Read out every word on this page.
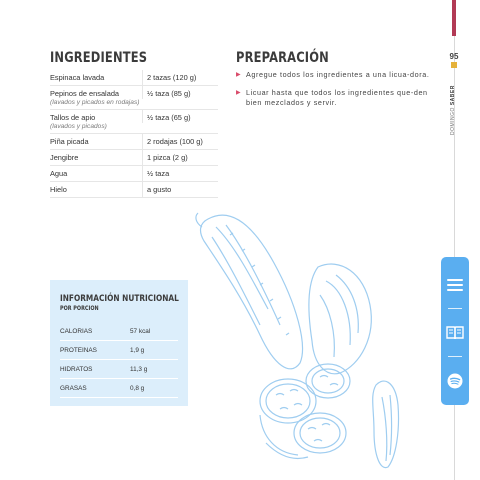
95
DOMINGO SABER
INGREDIENTES
Espinaca lavada	2 tazas (120 g)
Pepinos de ensalada	½ taza (85 g)
(lavados y picados en rodajas)	
Tallos de apio	½ taza (65 g)
(lavados y picados)	
Piña picada	2 rodajas (100 g)
Jengibre	1 pizca (2 g)
Agua	½ taza
Hielo	a gusto
PREPARACIÓN
▶ Agregue todos los ingredientes a una licua-dora.
▶ Licuar hasta que todos los ingredientes que-den bien mezclados y servir.
INFORMACIÓN NUTRICIONAL
POR PORCIÓN
CALORIAS	57 kcal
PROTEINAS	1,9 g
HIDRATOS	11,3 g
GRASAS	0,8 g
